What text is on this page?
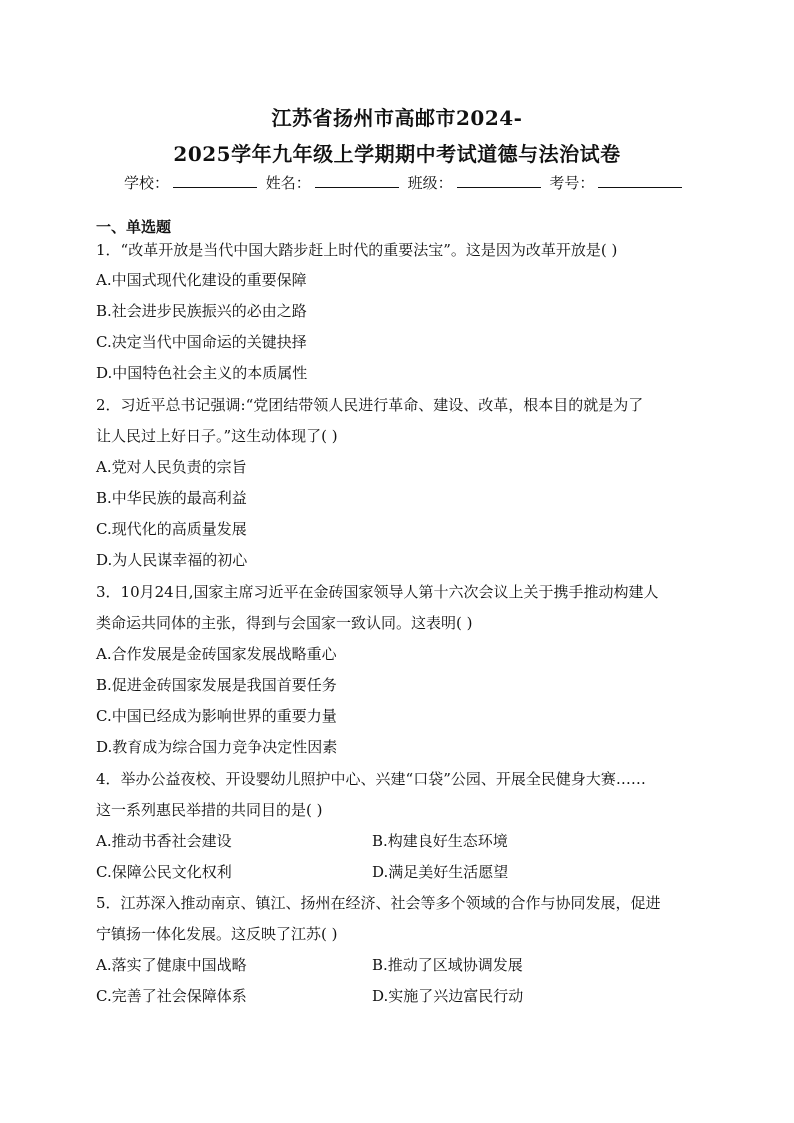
江苏省扬州市高邮市2024-
2025学年九年级上学期期中考试道德与法治试卷
学校：	姓名：	班级：	考号：
一、单选题
1．“改革开放是当代中国大踏步赶上时代的重要法宝”。这是因为改革开放是( )
A.中国式现代化建设的重要保障
B.社会进步民族振兴的必由之路
C.决定当代中国命运的关键抉择
D.中国特色社会主义的本质属性
2．习近平总书记强调:“党团结带领人民进行革命、建设、改革，根本目的就是为了
让人民过上好日子。”这生动体现了( )
A.党对人民负责的宗旨
B.中华民族的最高利益
C.现代化的高质量发展
D.为人民谋幸福的初心
3．10月24日,国家主席习近平在金砖国家领导人第十六次会议上关于携手推动构建人
类命运共同体的主张，得到与会国家一致认同。这表明( )
A.合作发展是金砖国家发展战略重心
B.促进金砖国家发展是我国首要任务
C.中国已经成为影响世界的重要力量
D.教育成为综合国力竞争决定性因素
4．举办公益夜校、开设婴幼儿照护中心、兴建“口袋”公园、开展全民健身大赛……
这一系列惠民举措的共同目的是( )
A.推动书香社会建设	B.构建良好生态环境
C.保障公民文化权利	D.满足美好生活愿望
5．江苏深入推动南京、镇江、扬州在经济、社会等多个领域的合作与协同发展，促进
宁镇扬一体化发展。这反映了江苏( )
A.落实了健康中国战略	B.推动了区域协调发展
C.完善了社会保障体系	D.实施了兴边富民行动
